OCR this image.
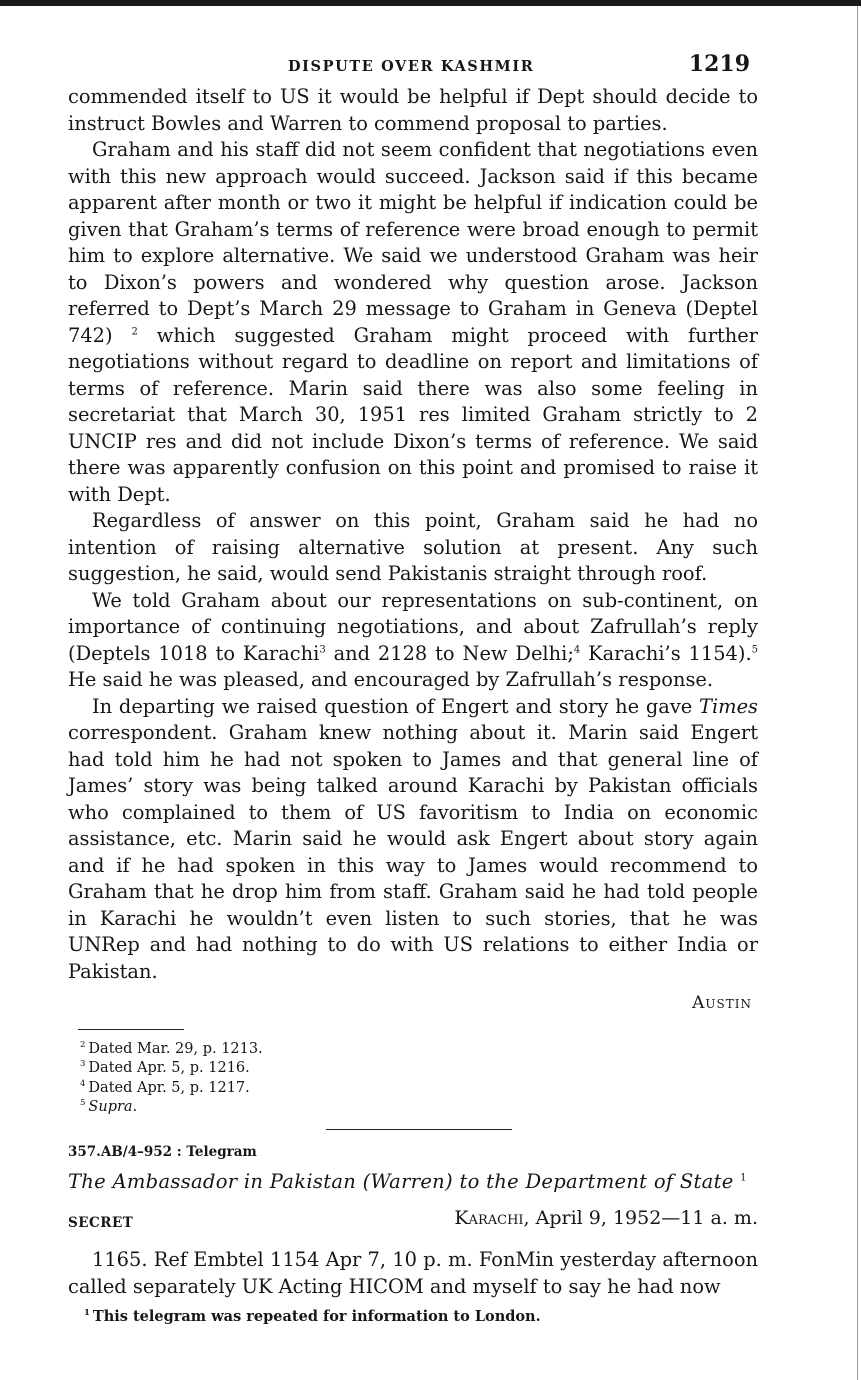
DISPUTE OVER KASHMIR	1219

commended itself to US it would be helpful if Dept should decide to instruct Bowles and Warren to commend proposal to parties.

Graham and his staff did not seem confident that negotiations even with this new approach would succeed. Jackson said if this became apparent after month or two it might be helpful if indication could be given that Graham’s terms of reference were broad enough to permit him to explore alternative. We said we understood Graham was heir to Dixon’s powers and wondered why question arose. Jackson referred to Dept’s March 29 message to Graham in Geneva (Deptel 742) $^2$ which suggested Graham might proceed with further negotiations without regard to deadline on report and limitations of terms of reference. Marin said there was also some feeling in secretariat that March 30, 1951 res limited Graham strictly to 2 UNCIP res and did not include Dixon’s terms of reference. We said there was apparently confusion on this point and promised to raise it with Dept.

Regardless of answer on this point, Graham said he had no intention of raising alternative solution at present. Any such suggestion, he said, would send Pakistanis straight through roof.

We told Graham about our representations on sub-continent, on importance of continuing negotiations, and about Zafrullah’s reply (Deptels 1018 to Karachi$^3$ and 2128 to New Delhi;$^4$ Karachi’s 1154).$^5$ He said he was pleased, and encouraged by Zafrullah’s response.

In departing we raised question of Engert and story he gave Times correspondent. Graham knew nothing about it. Marin said Engert had told him he had not spoken to James and that general line of James’ story was being talked around Karachi by Pakistan officials who complained to them of US favoritism to India on economic assistance, etc. Marin said he would ask Engert about story again and if he had spoken in this way to James would recommend to Graham that he drop him from staff. Graham said he had told people in Karachi he wouldn’t even listen to such stories, that he was UNRep and had nothing to do with US relations to either India or Pakistan.

Austin
$^2$ Dated Mar. 29, p. 1213.
$^3$ Dated Apr. 5, p. 1216.
$^4$ Dated Apr. 5, p. 1217.
$^5$ Supra.
357.AB/4–952 : Telegram
The Ambassador in Pakistan (Warren) to the Department of State $^1$
SECRET	Karachi, April 9, 1952—11 a. m.

1165. Ref Embtel 1154 Apr 7, 10 p. m. FonMin yesterday afternoon called separately UK Acting HICOM and myself to say he had now

$^1$ This telegram was repeated for information to London.
